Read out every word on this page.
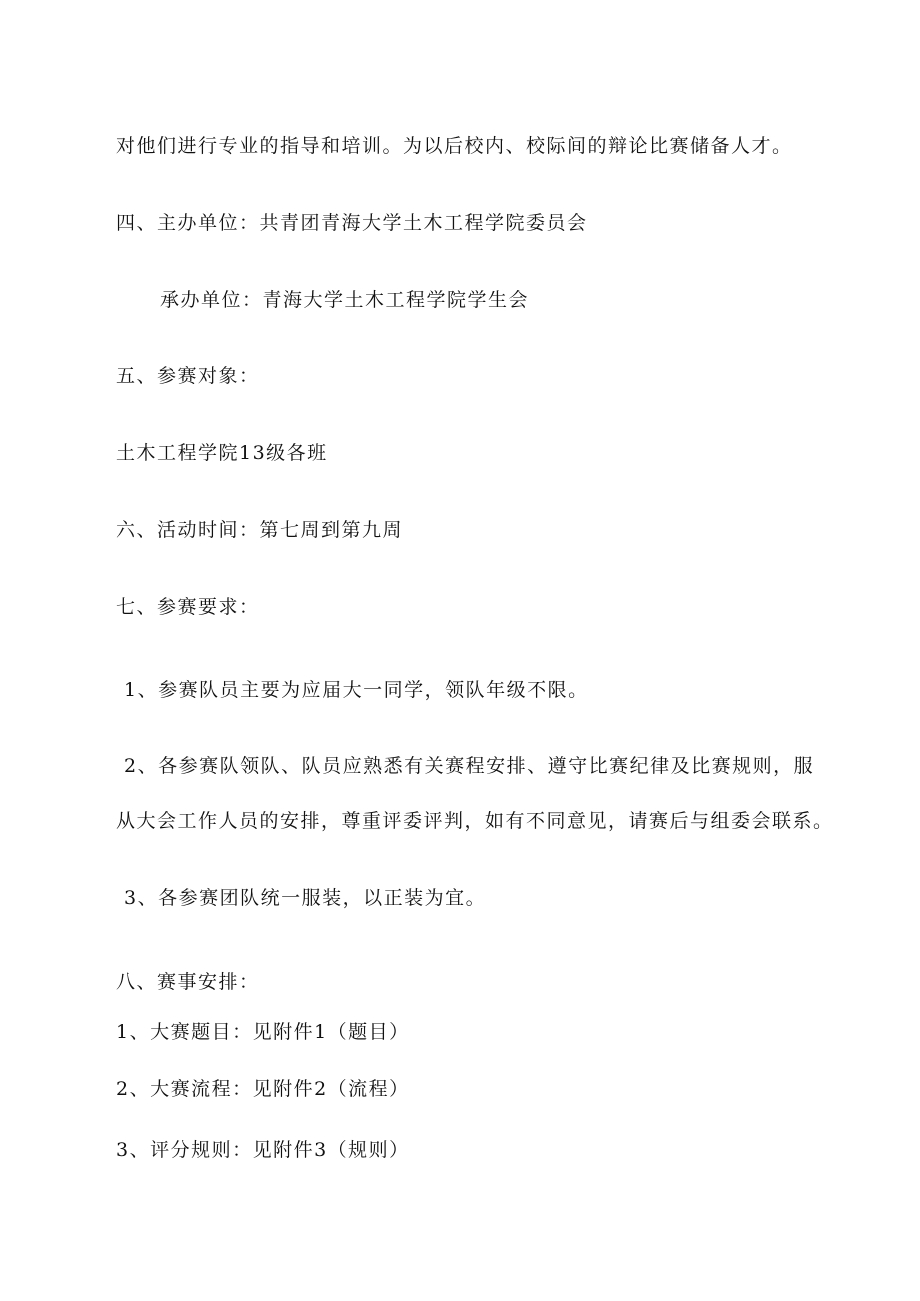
对他们进行专业的指导和培训。为以后校内、校际间的辩论比赛储备人才。
四、主办单位：共青团青海大学土木工程学院委员会
承办单位：青海大学土木工程学院学生会
五、参赛对象：
土木工程学院13级各班
六、活动时间：第七周到第九周
七、参赛要求：
1、参赛队员主要为应届大一同学，领队年级不限。
2、各参赛队领队、队员应熟悉有关赛程安排、遵守比赛纪律及比赛规则，服
从大会工作人员的安排，尊重评委评判，如有不同意见，请赛后与组委会联系。
3、各参赛团队统一服装，以正装为宜。
八、赛事安排：
1、大赛题目：见附件1（题目）
2、大赛流程：见附件2（流程）
3、评分规则：见附件3（规则）
